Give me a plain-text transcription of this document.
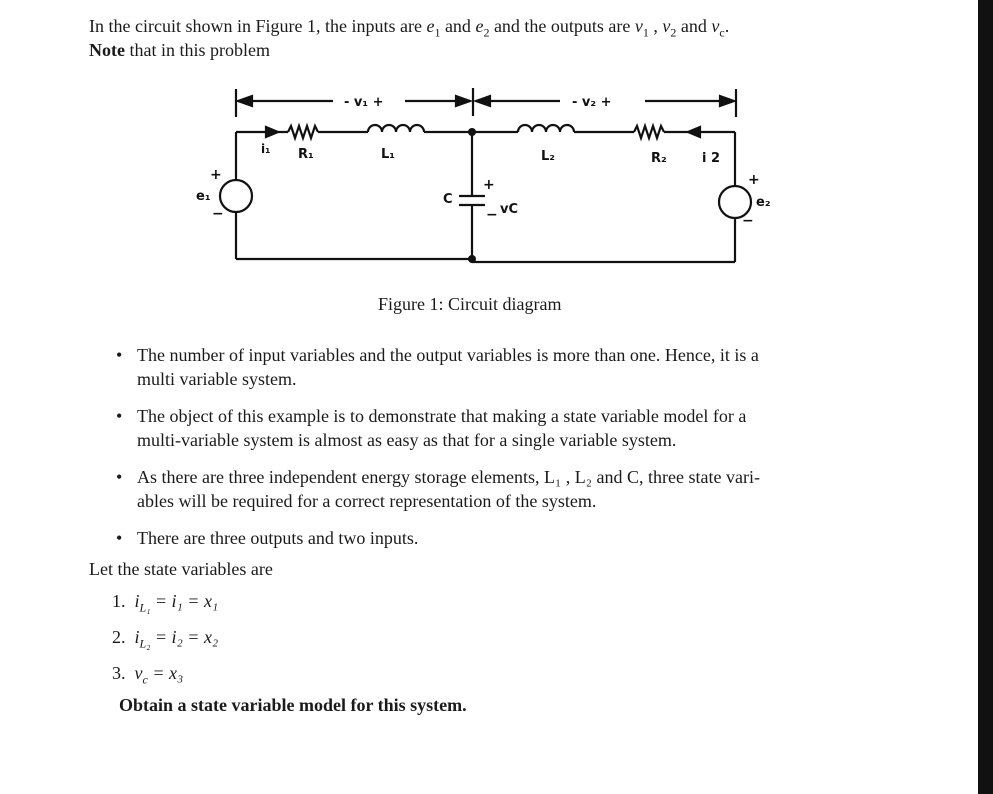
In the circuit shown in Figure 1, the inputs are $e_1$ and $e_2$ and the outputs are $v_1$ , $v_2$ and $v_c$.
Note that in this problem
- v₁ +	- v₂ +
i₁ R₁	L₁	L₂	R₂	i 2
C
+
− vC
+
e₁
−
+
e₂
−
Figure 1: Circuit diagram
• The number of input variables and the output variables is more than one. Hence, it is a
multi variable system.
• The object of this example is to demonstrate that making a state variable model for a
multi-variable system is almost as easy as that for a single variable system.
• As there are three independent energy storage elements, L₁ , L₂ and C, three state vari-
ables will be required for a correct representation of the system.
• There are three outputs and two inputs.
Let the state variables are
1. $i_{L_1} = i_1 = x_1$
2. $i_{L_2} = i_2 = x_2$
3. $v_c = x_3$
Obtain a state variable model for this system.
